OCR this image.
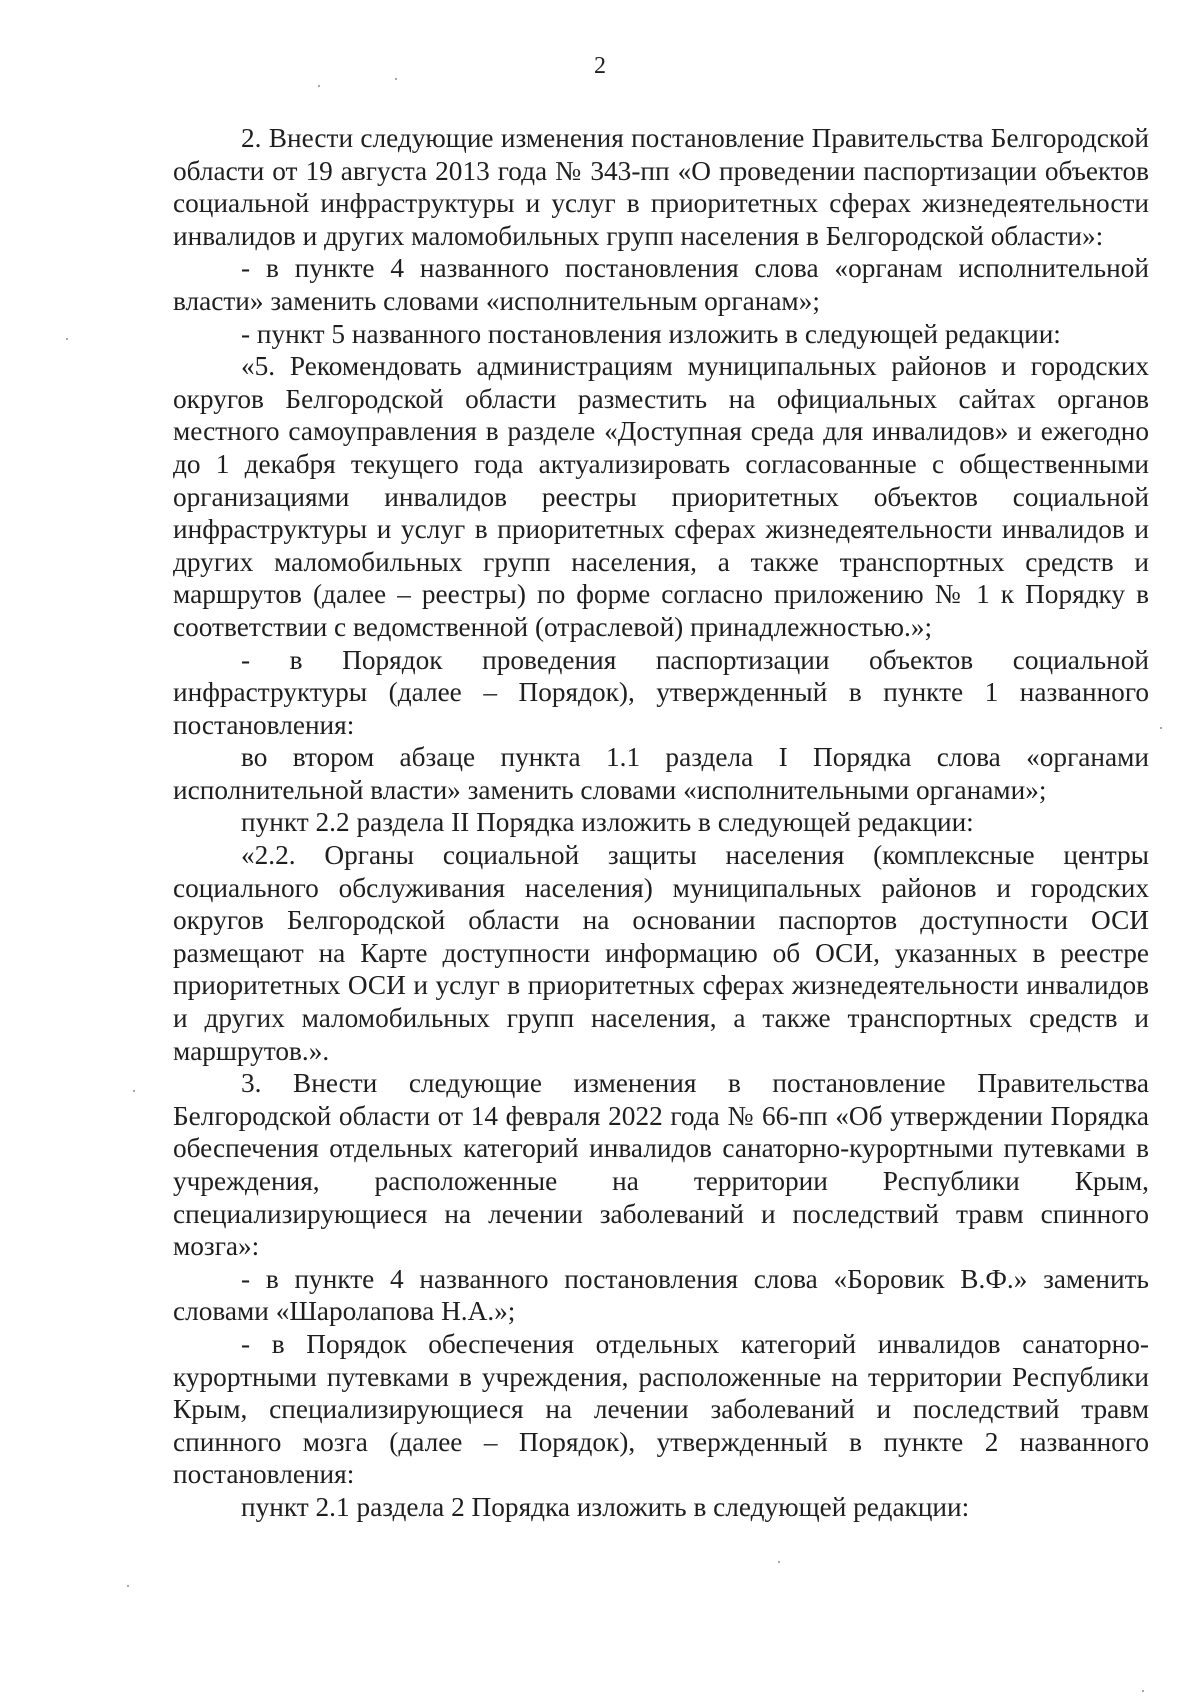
2

2. Внести следующие изменения постановление Правительства Белгородской области от 19 августа 2013 года № 343-пп «О проведении паспортизации объектов социальной инфраструктуры и услуг в приоритетных сферах жизнедеятельности инвалидов и других маломобильных групп населения в Белгородской области»:

- в пункте 4 названного постановления слова «органам исполнительной власти» заменить словами «исполнительным органам»;

- пункт 5 названного постановления изложить в следующей редакции:

«5. Рекомендовать администрациям муниципальных районов и городских округов Белгородской области разместить на официальных сайтах органов местного самоуправления в разделе «Доступная среда для инвалидов» и ежегодно до 1 декабря текущего года актуализировать согласованные с общественными организациями инвалидов реестры приоритетных объектов социальной инфраструктуры и услуг в приоритетных сферах жизнедеятельности инвалидов и других маломобильных групп населения, а также транспортных средств и маршрутов (далее – реестры) по форме согласно приложению № 1 к Порядку в соответствии с ведомственной (отраслевой) принадлежностью.»;

- в Порядок проведения паспортизации объектов социальной инфраструктуры (далее – Порядок), утвержденный в пункте 1 названного постановления:

во втором абзаце пункта 1.1 раздела I Порядка слова «органами исполнительной власти» заменить словами «исполнительными органами»;

пункт 2.2 раздела II Порядка изложить в следующей редакции:

«2.2. Органы социальной защиты населения (комплексные центры социального обслуживания населения) муниципальных районов и городских округов Белгородской области на основании паспортов доступности ОСИ размещают на Карте доступности информацию об ОСИ, указанных в реестре приоритетных ОСИ и услуг в приоритетных сферах жизнедеятельности инвалидов и других маломобильных групп населения, а также транспортных средств и маршрутов.».

3. Внести следующие изменения в постановление Правительства Белгородской области от 14 февраля 2022 года № 66-пп «Об утверждении Порядка обеспечения отдельных категорий инвалидов санаторно-курортными путевками в учреждения, расположенные на территории Республики Крым, специализирующиеся на лечении заболеваний и последствий травм спинного мозга»:

- в пункте 4 названного постановления слова «Боровик В.Ф.» заменить словами «Шаролапова Н.А.»;

- в Порядок обеспечения отдельных категорий инвалидов санаторно-курортными путевками в учреждения, расположенные на территории Республики Крым, специализирующиеся на лечении заболеваний и последствий травм спинного мозга (далее – Порядок), утвержденный в пункте 2 названного постановления:

пункт 2.1 раздела 2 Порядка изложить в следующей редакции:
